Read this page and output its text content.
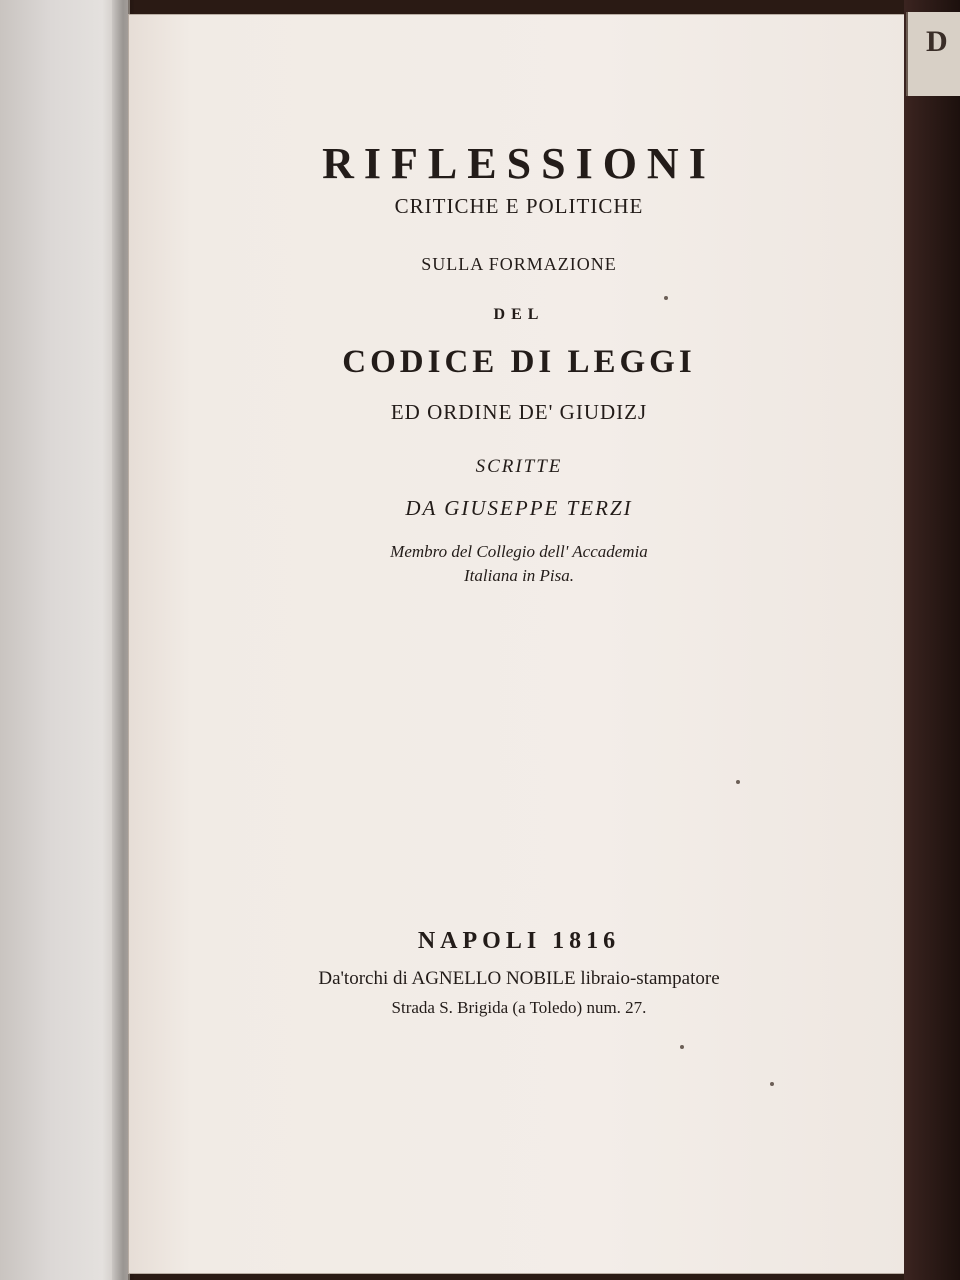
D
RIFLESSIONI
CRITICHE E POLITICHE
SULLA FORMAZIONE
DEL
CODICE DI LEGGI
ED ORDINE DE' GIUDIZJ
SCRITTE
DA GIUSEPPE TERZI
Membro del Collegio dell' Accademia
Italiana in Pisa.
NAPOLI 1816
Da'torchi di AGNELLO NOBILE libraio-stampatore
Strada S. Brigida (a Toledo) num. 27.
